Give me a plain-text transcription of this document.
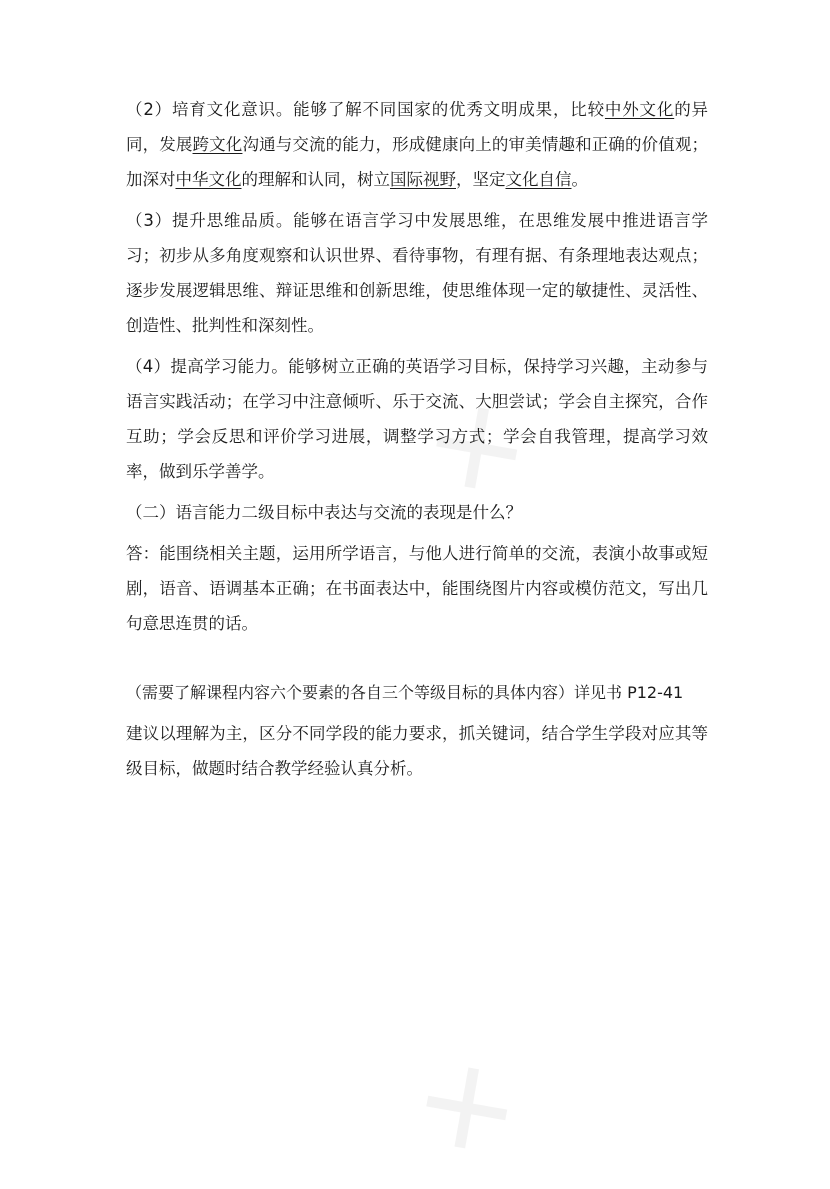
✕
✕

（2）培育文化意识。能够了解不同国家的优秀文明成果，比较中外文化的异同，发展跨文化沟通与交流的能力，形成健康向上的审美情趣和正确的价值观；加深对中华文化的理解和认同，树立国际视野，坚定文化自信。

（3）提升思维品质。能够在语言学习中发展思维，在思维发展中推进语言学习；初步从多角度观察和认识世界、看待事物，有理有据、有条理地表达观点；逐步发展逻辑思维、辩证思维和创新思维，使思维体现一定的敏捷性、灵活性、创造性、批判性和深刻性。

（4）提高学习能力。能够树立正确的英语学习目标，保持学习兴趣，主动参与语言实践活动；在学习中注意倾听、乐于交流、大胆尝试；学会自主探究，合作互助；学会反思和评价学习进展，调整学习方式；学会自我管理，提高学习效率，做到乐学善学。

（二）语言能力二级目标中表达与交流的表现是什么？

答：能围绕相关主题，运用所学语言，与他人进行简单的交流，表演小故事或短剧，语音、语调基本正确；在书面表达中，能围绕图片内容或模仿范文，写出几句意思连贯的话。

（需要了解课程内容六个要素的各自三个等级目标的具体内容）详见书 P12-41

建议以理解为主，区分不同学段的能力要求，抓关键词，结合学生学段对应其等级目标，做题时结合教学经验认真分析。
